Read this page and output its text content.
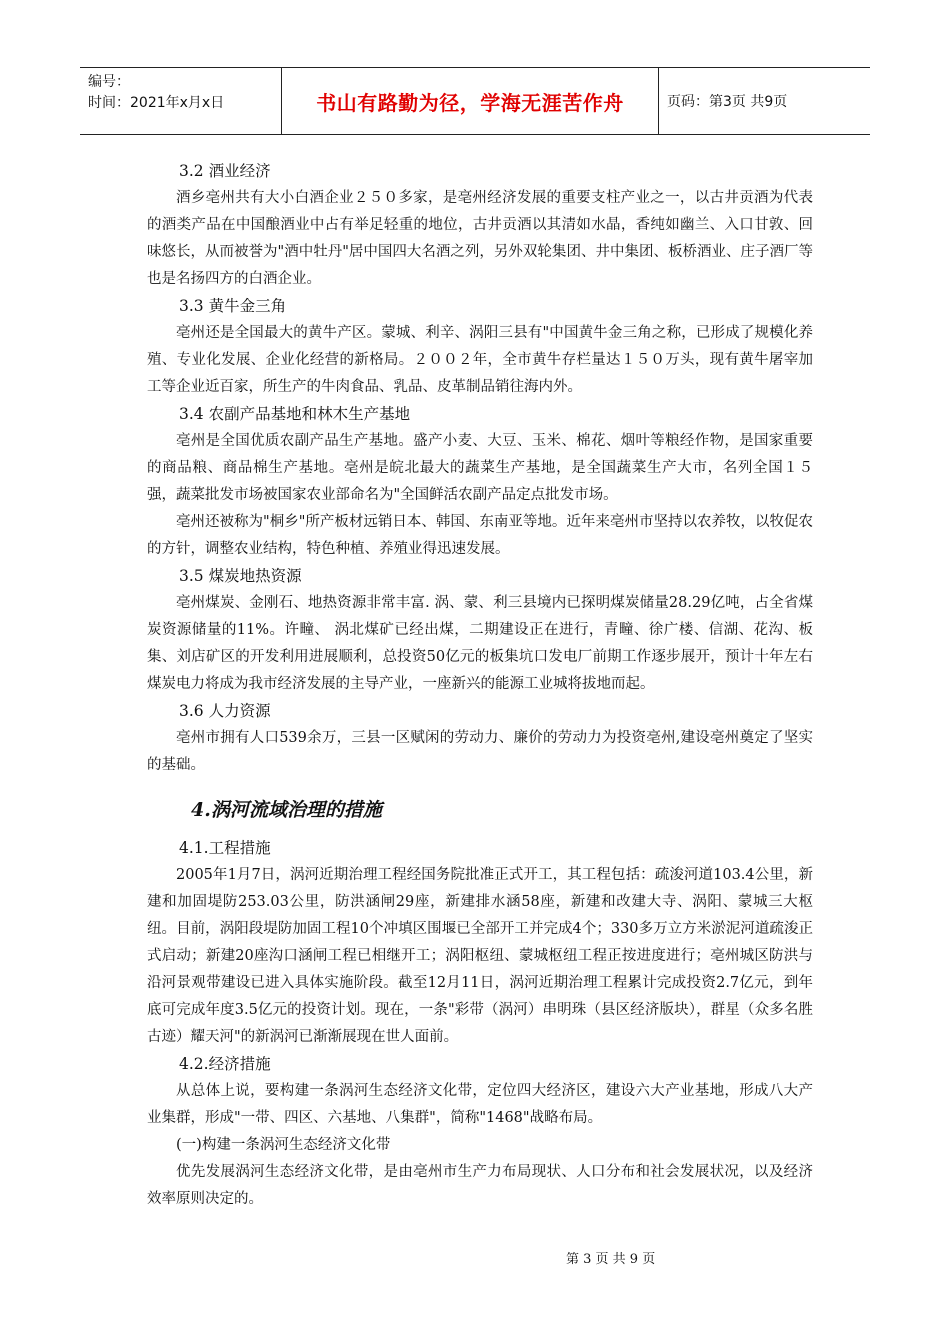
编号：
时间：2021年x月x日	书山有路勤为径，学海无涯苦作舟	页码：第3页 共9页

3.2 酒业经济

酒乡亳州共有大小白酒企业２５０多家，是亳州经济发展的重要支柱产业之一，以古井贡酒为代表的酒类产品在中国酿酒业中占有举足轻重的地位，古井贡酒以其清如水晶，香纯如幽兰、入口甘敦、回味悠长，从而被誉为"酒中牡丹"居中国四大名酒之列，另外双轮集团、井中集团、板桥酒业、庄子酒厂等也是名扬四方的白酒企业。

3.3 黄牛金三角

亳州还是全国最大的黄牛产区。蒙城、利辛、涡阳三县有"中国黄牛金三角之称，已形成了规模化养殖、专业化发展、企业化经营的新格局。２００２年，全市黄牛存栏量达１５０万头，现有黄牛屠宰加工等企业近百家，所生产的牛肉食品、乳品、皮革制品销往海内外。

3.4 农副产品基地和林木生产基地

亳州是全国优质农副产品生产基地。盛产小麦、大豆、玉米、棉花、烟叶等粮经作物，是国家重要的商品粮、商品棉生产基地。亳州是皖北最大的蔬菜生产基地，是全国蔬菜生产大市，名列全国１５强，蔬菜批发市场被国家农业部命名为"全国鲜活农副产品定点批发市场。

亳州还被称为"桐乡"所产板材远销日本、韩国、东南亚等地。近年来亳州市坚持以农养牧，以牧促农的方针，调整农业结构，特色种植、养殖业得迅速发展。

3.5 煤炭地热资源

亳州煤炭、金刚石、地热资源非常丰富. 涡、蒙、利三县境内已探明煤炭储量28.29亿吨，占全省煤炭资源储量的11%。许疃、 涡北煤矿已经出煤，二期建设正在进行，青疃、徐广楼、信湖、花沟、板集、刘店矿区的开发利用进展顺利，总投资50亿元的板集坑口发电厂前期工作逐步展开，预计十年左右煤炭电力将成为我市经济发展的主导产业，一座新兴的能源工业城将拔地而起。

3.6 人力资源

亳州市拥有人口539余万，三县一区赋闲的劳动力、廉价的劳动力为投资亳州,建设亳州奠定了坚实的基础。

4.涡河流域治理的措施

4.1.工程措施

2005年1月7日，涡河近期治理工程经国务院批准正式开工，其工程包括：疏浚河道103.4公里，新建和加固堤防253.03公里，防洪涵闸29座，新建排水涵58座，新建和改建大寺、涡阳、蒙城三大枢纽。目前，涡阳段堤防加固工程10个冲填区围堰已全部开工并完成4个；330多万立方米淤泥河道疏浚正式启动；新建20座沟口涵闸工程已相继开工；涡阳枢纽、蒙城枢纽工程正按进度进行；亳州城区防洪与沿河景观带建设已进入具体实施阶段。截至12月11日，涡河近期治理工程累计完成投资2.7亿元，到年底可完成年度3.5亿元的投资计划。现在，一条"彩带（涡河）串明珠（县区经济版块），群星（众多名胜古迹）耀天河"的新涡河已渐渐展现在世人面前。

4.2.经济措施

从总体上说，要构建一条涡河生态经济文化带，定位四大经济区，建设六大产业基地，形成八大产业集群，形成"一带、四区、六基地、八集群"，简称"1468"战略布局。

(一)构建一条涡河生态经济文化带

优先发展涡河生态经济文化带，是由亳州市生产力布局现状、人口分布和社会发展状况，以及经济效率原则决定的。

第 3 页 共 9 页
